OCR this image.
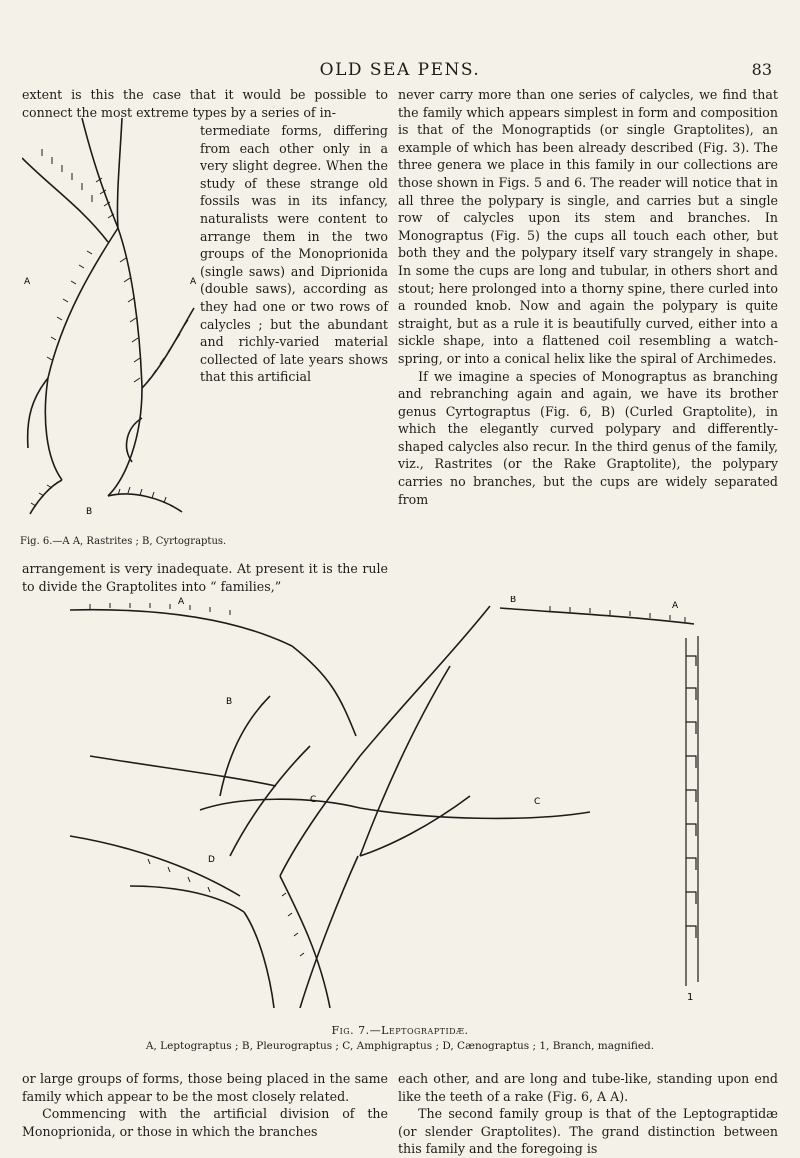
OLD SEA PENS.	83

extent is this the case that it would be possible to connect the most extreme types by a series of in-

termediate forms, differing from each other only in a very slight degree. When the study of these strange old fossils was in its infancy, naturalists were content to arrange them in the two groups of the Monoprionida (single saws) and Diprionida (double saws), according as they had one or two rows of calycles ; but the abundant and richly-varied material collected of late years shows that this artificial

A	A
B
Fig. 6.—A A, Rastrites ; B, Cyrtograptus.

arrangement is very inadequate. At present it is the rule to divide the Graptolites into “ families,”

never carry more than one series of calycles, we find that the family which appears simplest in form and composition is that of the Monograptids (or single Graptolites), an example of which has been already described (Fig. 3). The three genera we place in this family in our collections are those shown in Figs. 5 and 6. The reader will notice that in all three the polypary is single, and carries but a single row of calycles upon its stem and branches. In Monograptus (Fig. 5) the cups all touch each other, but both they and the polypary itself vary strangely in shape. In some the cups are long and tubular, in others short and stout; here prolonged into a thorny spine, there curled into a rounded knob. Now and again the polypary is quite straight, but as a rule it is beautifully curved, either into a sickle shape, into a flattened coil resembling a watch-spring, or into a conical helix like the spiral of Archimedes.

If we imagine a species of Monograptus as branching and rebranching again and again, we have its brother genus Cyrtograptus (Fig. 6, B) (Curled Graptolite), in which the elegantly curved polypary and differently-shaped calycles also recur. In the third genus of the family, viz., Rastrites (or the Rake Graptolite), the polypary carries no branches, but the cups are widely separated from

A	A
B
B
C	C
D
1
Fig. 7.—Leptograptidæ.
A, Leptograptus ; B, Pleurograptus ; C, Amphigraptus ; D, Cænograptus ; 1, Branch, magnified.

or large groups of forms, those being placed in the same family which appear to be the most closely related.

Commencing with the artificial division of the Monoprionida, or those in which the branches

each other, and are long and tube-like, standing upon end like the teeth of a rake (Fig. 6, A A).

The second family group is that of the Leptograptidæ (or slender Graptolites). The grand distinction between this family and the foregoing is
